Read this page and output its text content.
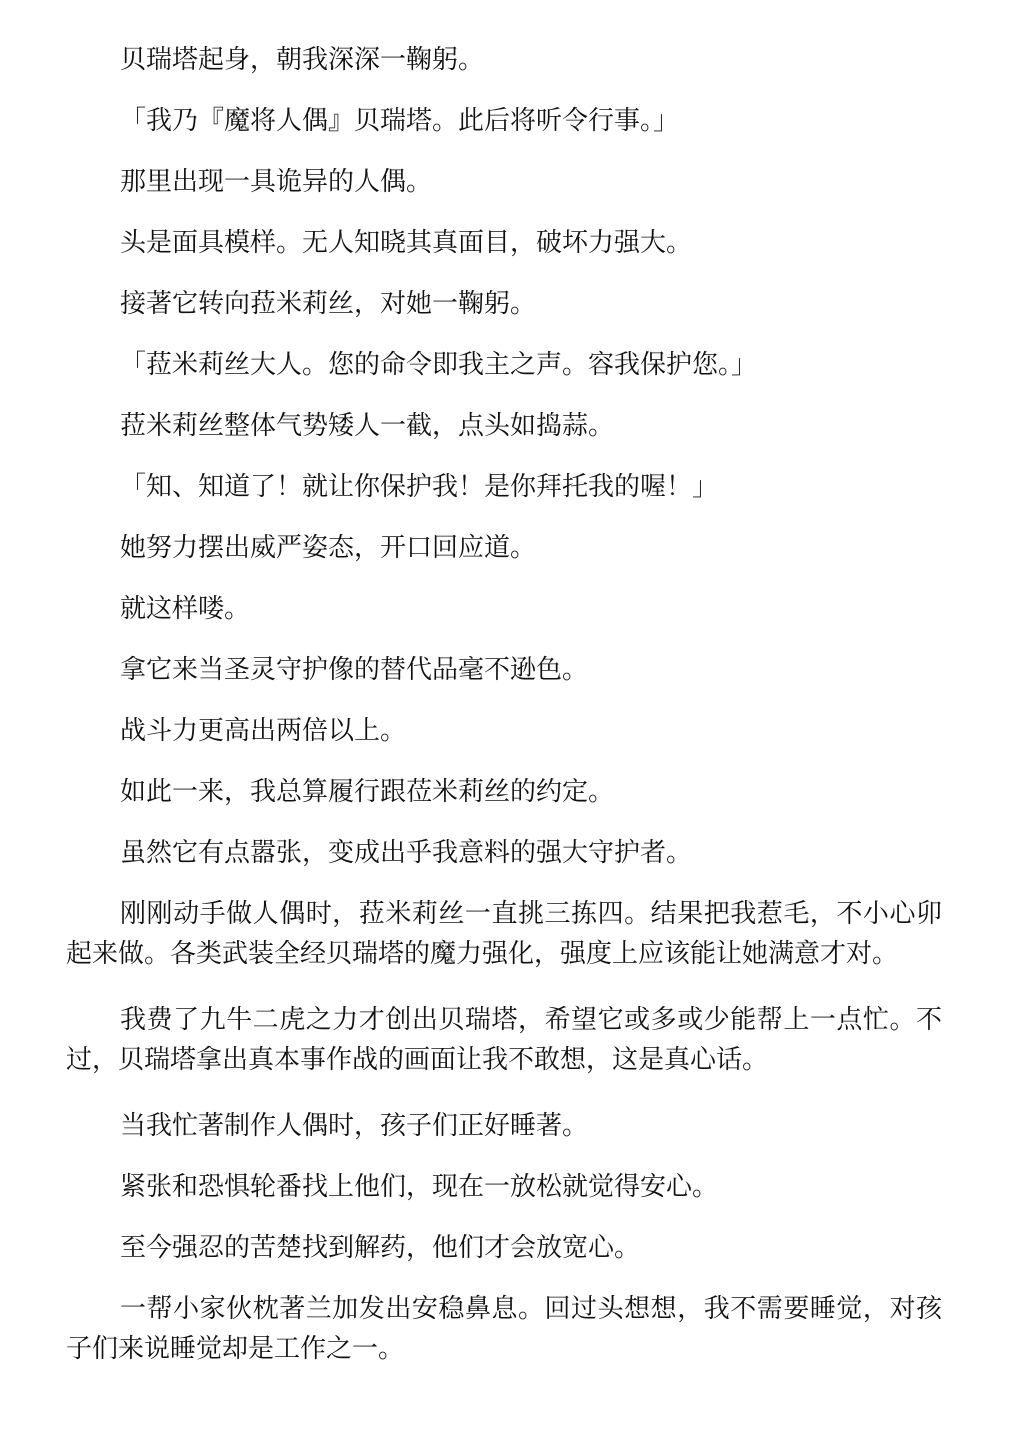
贝瑞塔起身，朝我深深一鞠躬。

「我乃『魔将人偶』贝瑞塔。此后将听令行事。」

那里出现一具诡异的人偶。

头是面具模样。无人知晓其真面目，破坏力强大。

接著它转向菈米莉丝，对她一鞠躬。

「菈米莉丝大人。您的命令即我主之声。容我保护您。」

菈米莉丝整体气势矮人一截，点头如捣蒜。

「知、知道了！就让你保护我！是你拜托我的喔！」

她努力摆出威严姿态，开口回应道。

就这样喽。

拿它来当圣灵守护像的替代品毫不逊色。

战斗力更高出两倍以上。

如此一来，我总算履行跟莅米莉丝的约定。

虽然它有点嚣张，变成出乎我意料的强大守护者。

刚刚动手做人偶时，菈米莉丝一直挑三拣四。结果把我惹毛，不小心卯起来做。各类武装全经贝瑞塔的魔力强化，强度上应该能让她满意才对。

我费了九牛二虎之力才创出贝瑞塔，希望它或多或少能帮上一点忙。不过，贝瑞塔拿出真本事作战的画面让我不敢想，这是真心话。

当我忙著制作人偶时，孩子们正好睡著。

紧张和恐惧轮番找上他们，现在一放松就觉得安心。

至今强忍的苦楚找到解药，他们才会放宽心。

一帮小家伙枕著兰加发出安稳鼻息。回过头想想，我不需要睡觉，对孩子们来说睡觉却是工作之一。
